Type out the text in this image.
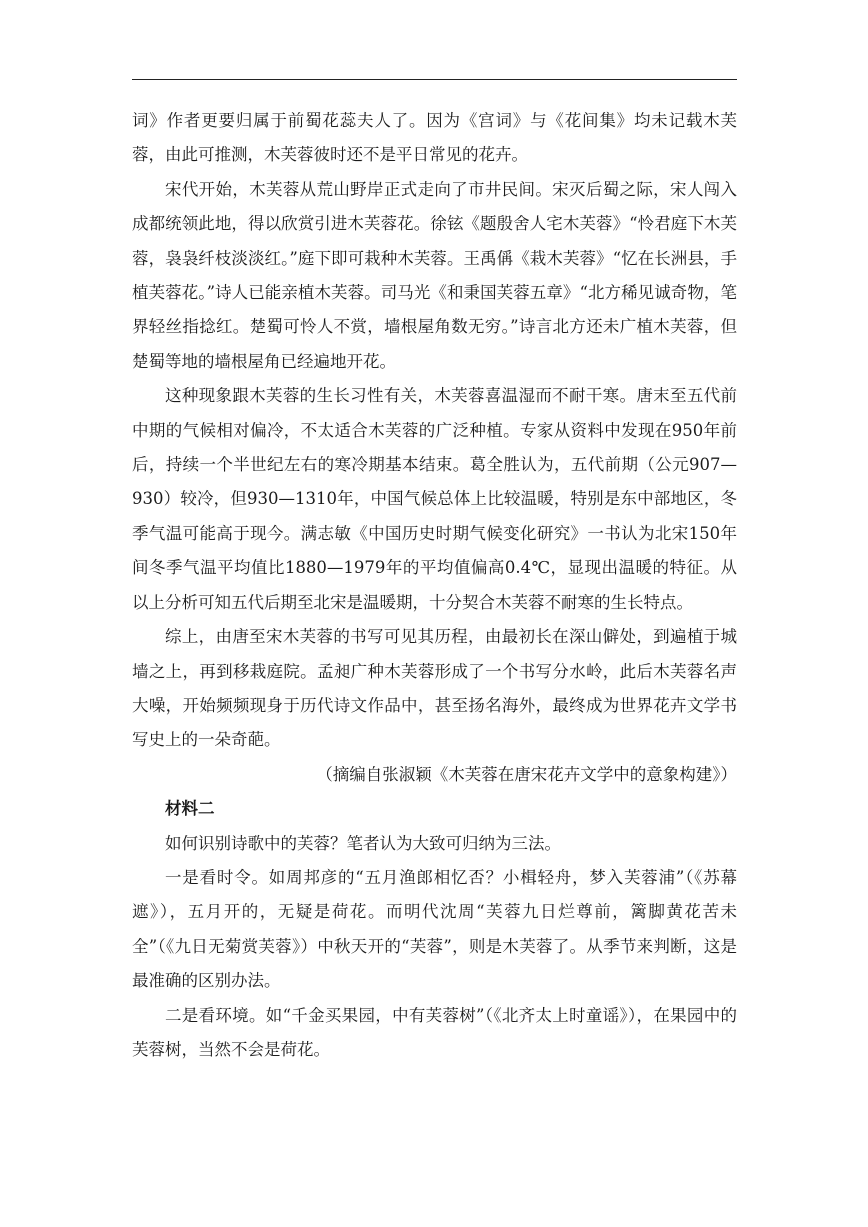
词》作者更要归属于前蜀花蕊夫人了。因为《宫词》与《花间集》均未记载木芙蓉，由此可推测，木芙蓉彼时还不是平日常见的花卉。

宋代开始，木芙蓉从荒山野岸正式走向了市井民间。宋灭后蜀之际，宋人闯入成都统领此地，得以欣赏引进木芙蓉花。徐铉《题殷舍人宅木芙蓉》“怜君庭下木芙蓉，袅袅纤枝淡淡红。”庭下即可栽种木芙蓉。王禹偁《栽木芙蓉》“忆在长洲县，手植芙蓉花。”诗人已能亲植木芙蓉。司马光《和秉国芙蓉五章》“北方稀见诚奇物，笔界轻丝指捻红。楚蜀可怜人不赏，墙根屋角数无穷。”诗言北方还未广植木芙蓉，但楚蜀等地的墙根屋角已经遍地开花。

这种现象跟木芙蓉的生长习性有关，木芙蓉喜温湿而不耐干寒。唐末至五代前中期的气候相对偏冷，不太适合木芙蓉的广泛种植。专家从资料中发现在950年前后，持续一个半世纪左右的寒冷期基本结束。葛全胜认为，五代前期（公元907—930）较冷，但930—1310年，中国气候总体上比较温暖，特别是东中部地区，冬季气温可能高于现今。满志敏《中国历史时期气候变化研究》一书认为北宋150年间冬季气温平均值比1880—1979年的平均值偏高0.4℃，显现出温暖的特征。从以上分析可知五代后期至北宋是温暖期，十分契合木芙蓉不耐寒的生长特点。

综上，由唐至宋木芙蓉的书写可见其历程，由最初长在深山僻处，到遍植于城墙之上，再到移栽庭院。孟昶广种木芙蓉形成了一个书写分水岭，此后木芙蓉名声大噪，开始频频现身于历代诗文作品中，甚至扬名海外，最终成为世界花卉文学书写史上的一朵奇葩。

（摘编自张淑颖《木芙蓉在唐宋花卉文学中的意象构建》）

材料二

如何识别诗歌中的芙蓉？笔者认为大致可归纳为三法。

一是看时令。如周邦彦的“五月渔郎相忆否？小楫轻舟，梦入芙蓉浦”（《苏幕遮》），五月开的，无疑是荷花。而明代沈周“芙蓉九日烂尊前，篱脚黄花苦未全”（《九日无菊赏芙蓉》）中秋天开的“芙蓉”，则是木芙蓉了。从季节来判断，这是最准确的区别办法。

二是看环境。如“千金买果园，中有芙蓉树”（《北齐太上时童谣》），在果园中的芙蓉树，当然不会是荷花。
